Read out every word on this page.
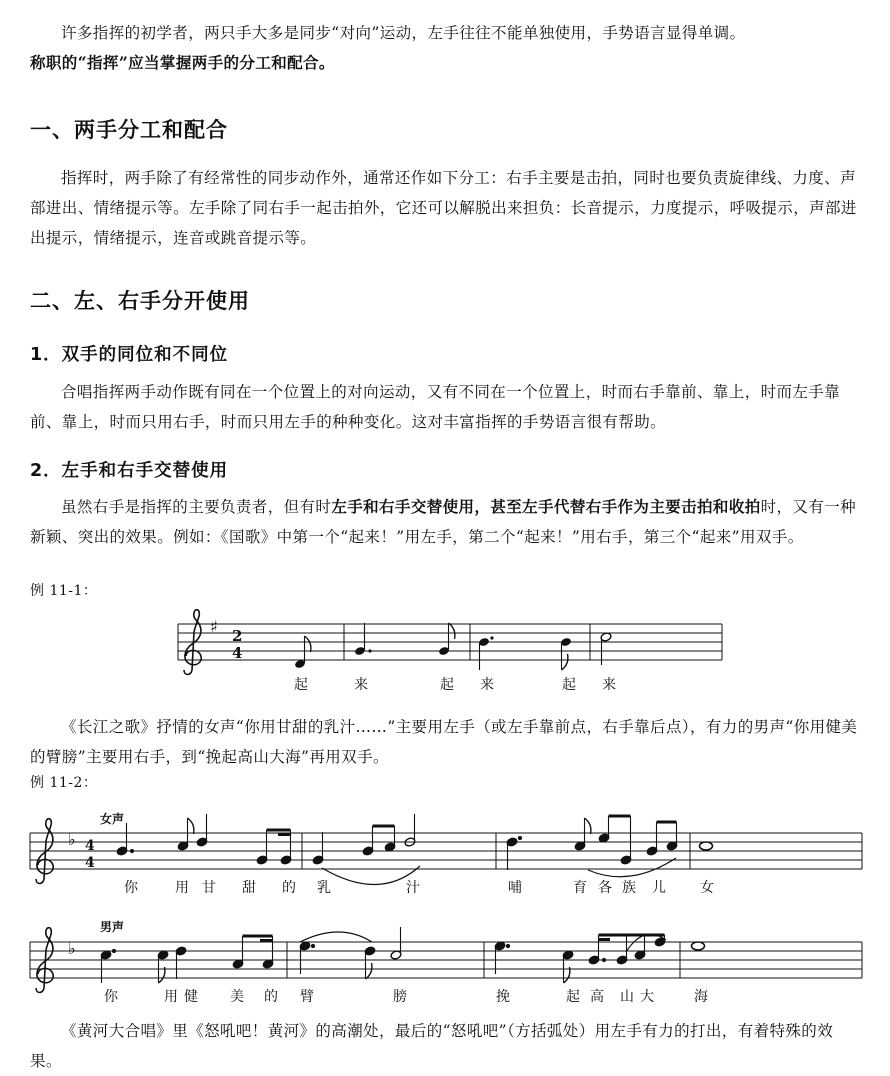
许多指挥的初学者，两只手大多是同步“对向”运动，左手往往不能单独使用，手势语言显得单调。
称职的“指挥”应当掌握两手的分工和配合。
一、两手分工和配合
指挥时，两手除了有经常性的同步动作外，通常还作如下分工：右手主要是击拍，同时也要负责旋律线、力度、声部进出、情绪提示等。左手除了同右手一起击拍外，它还可以解脱出来担负：长音提示，力度提示，呼吸提示，声部进出提示，情绪提示，连音或跳音提示等。
二、左、右手分开使用
1．双手的同位和不同位
合唱指挥两手动作既有同在一个位置上的对向运动，又有不同在一个位置上，时而右手靠前、靠上，时而左手靠前、靠上，时而只用右手，时而只用左手的种种变化。这对丰富指挥的手势语言很有帮助。
2．左手和右手交替使用
虽然右手是指挥的主要负责者，但有时左手和右手交替使用，甚至左手代替右手作为主要击拍和收拍时，又有一种新颖、突出的效果。例如：《国歌》中第一个“起来！”用左手，第二个“起来！”用右手，第三个“起来”用双手。
例 11-1：
《长江之歌》抒情的女声“你用甘甜的乳汁……”主要用左手（或左手靠前点，右手靠后点），有力的男声“你用健美的臂膀”主要用右手，到“挽起高山大海”再用双手。
例 11-2：
《黄河大合唱》里《怒吼吧！黄河》的高潮处，最后的“怒吼吧”（方括弧处）用左手有力的打出，有着特殊的效果。
♯ 2
4
起	来	起 来	起 来
女声
♭ 4
4
你	用 甘 甜 的 乳	汁	哺	育 各 族 儿 女
男声
♭
你	用 健 美 的 臂	膀	挽	起 高 山 大	海
